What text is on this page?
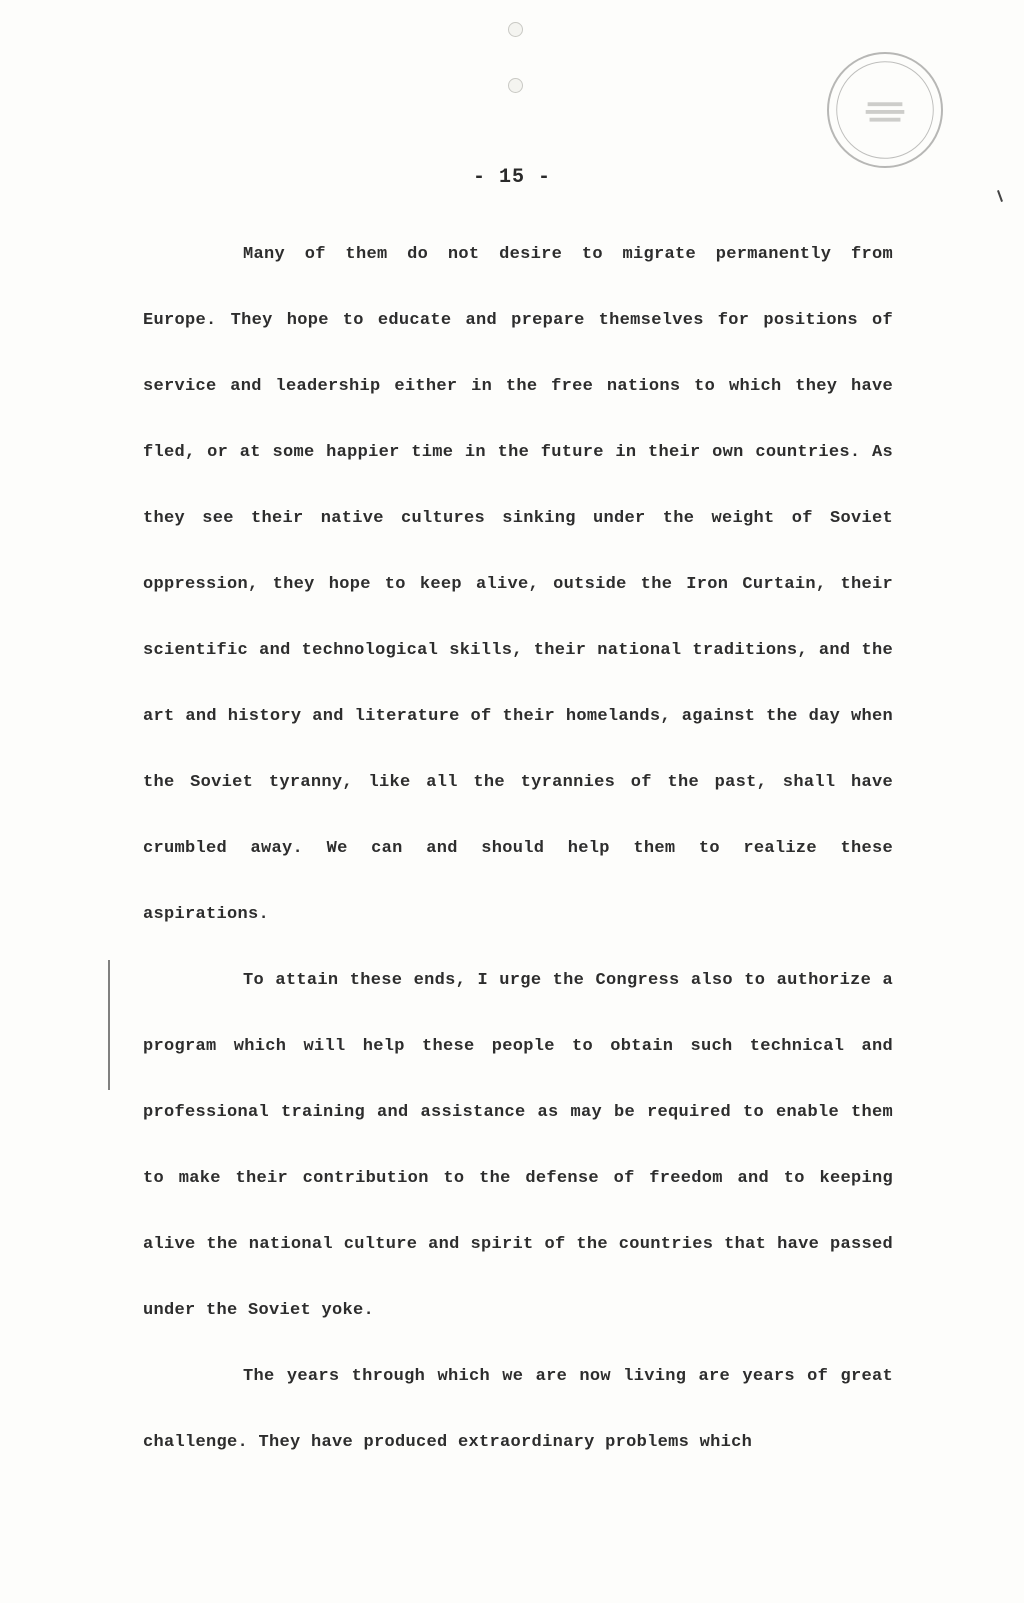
- 15 -

Many of them do not desire to migrate permanently from Europe. They hope to educate and prepare themselves for positions of service and leadership either in the free nations to which they have fled, or at some happier time in the future in their own countries. As they see their native cultures sinking under the weight of Soviet oppression, they hope to keep alive, outside the Iron Curtain, their scientific and technological skills, their national traditions, and the art and history and literature of their homelands, against the day when the Soviet tyranny, like all the tyrannies of the past, shall have crumbled away. We can and should help them to realize these aspirations.

To attain these ends, I urge the Congress also to authorize a program which will help these people to obtain such technical and professional training and assistance as may be required to enable them to make their contribution to the defense of freedom and to keeping alive the national culture and spirit of the countries that have passed under the Soviet yoke.

The years through which we are now living are years of great challenge. They have produced extraordinary problems which
